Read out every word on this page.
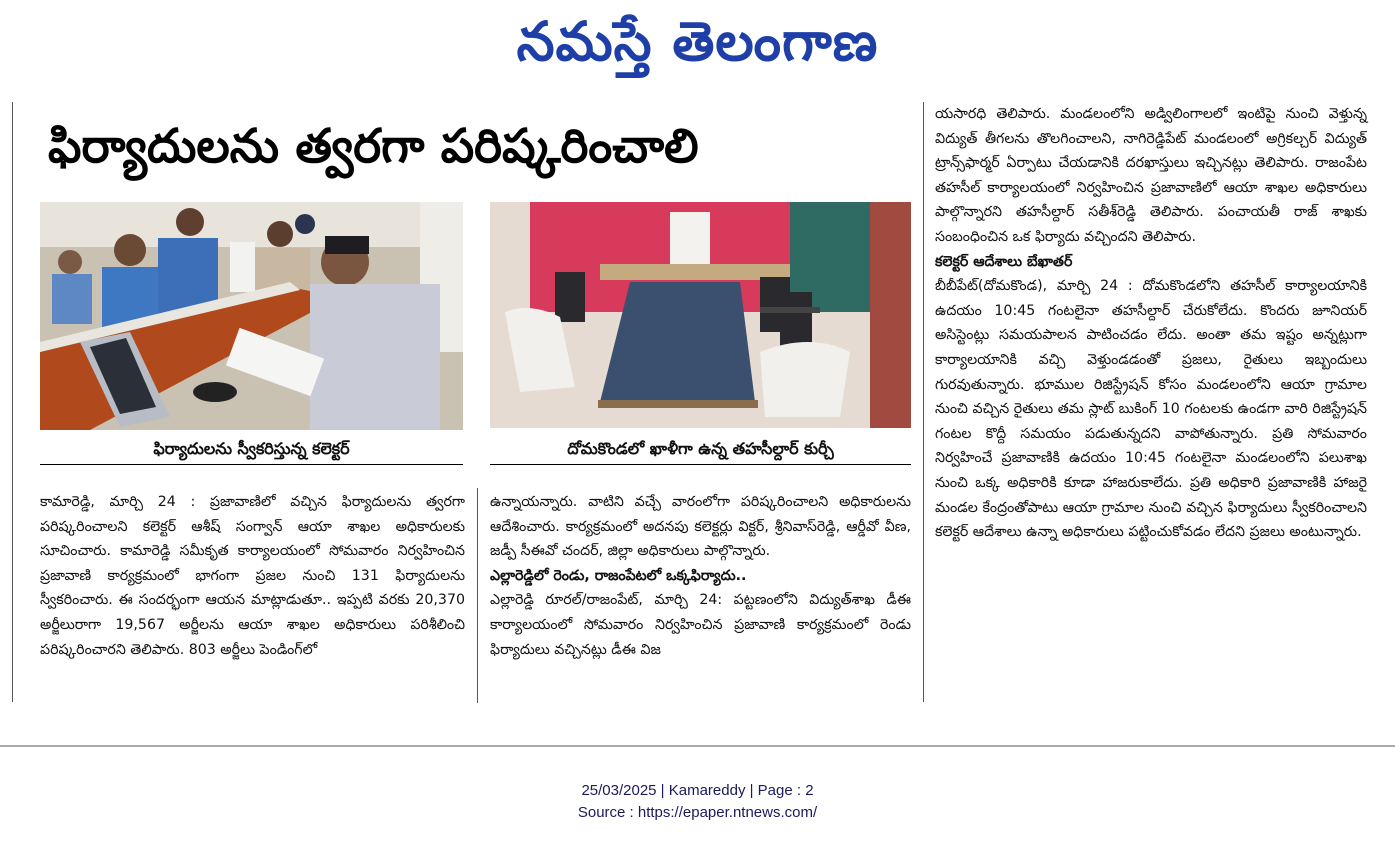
నమస్తే తెలంగాణ
ఫిర్యాదులను త్వరగా పరిష్కరించాలి
ఫిర్యాదులను స్వీకరిస్తున్న కలెక్టర్	దోమకొండలో ఖాళీగా ఉన్న తహసీల్దార్ కుర్చీ

కామారెడ్డి, మార్చి 24 : ప్రజావాణిలో వచ్చిన ఫిర్యాదులను త్వరగా పరిష్కరించాలని కలెక్టర్ ఆశీష్ సంగ్వాన్ ఆయా శాఖల అధికారులకు సూచించారు. కామారెడ్డి సమీకృత కార్యాలయంలో సోమవారం నిర్వహించిన ప్రజావాణి కార్యక్రమంలో భాగంగా ప్రజల నుంచి 131 ఫిర్యాదులను స్వీకరించారు. ఈ సందర్భంగా ఆయన మాట్లాడుతూ.. ఇప్పటి వరకు 20,370 అర్జీలురాగా 19,567 అర్జీలను ఆయా శాఖల అధికారులు పరిశీలించి పరిష్కరించారని తెలిపారు. 803 అర్జీలు పెండింగ్‌లో

ఉన్నాయన్నారు. వాటిని వచ్చే వారంలోగా పరిష్కరించాలని అధికారులను ఆదేశించారు. కార్యక్రమంలో అదనపు కలెక్టర్లు విక్టర్, శ్రీనివాస్‌రెడ్డి, ఆర్డీవో వీణ, జడ్పీ సీఈవో చందర్, జిల్లా అధికారులు పాల్గొన్నారు.

ఎల్లారెడ్డిలో రెండు, రాజంపేటలో ఒక్కఫిర్యాదు..

ఎల్లారెడ్డి రూరల్/రాజంపేట్, మార్చి 24: పట్టణంలోని విద్యుత్‌శాఖ డీఈ కార్యాలయంలో సోమవారం నిర్వహించిన ప్రజావాణి కార్యక్రమంలో రెండు ఫిర్యాదులు వచ్చినట్లు డీఈ విజ

యసారధి తెలిపారు. మండలంలోని అడ్విలింగాలలో ఇంటిపై నుంచి వెళ్తున్న విద్యుత్ తీగలను తొలగించాలని, నాగిరెడ్డిపేట్ మండలంలో అగ్రికల్చర్ విద్యుత్ ట్రాన్స్‌ఫార్మర్ ఏర్పాటు చేయడానికి దరఖాస్తులు ఇచ్చినట్లు తెలిపారు. రాజంపేట తహసీల్ కార్యాలయంలో నిర్వహించిన ప్రజావాణిలో ఆయా శాఖల అధికారులు పాల్గొన్నారని తహసీల్దార్ సతీశ్‌రెడ్డి తెలిపారు. పంచాయతీ రాజ్ శాఖకు సంబంధించిన ఒక ఫిర్యాదు వచ్చిందని తెలిపారు.

కలెక్టర్ ఆదేశాలు బేఖాతర్

బీబీపేట్(దోమకొండ), మార్చి 24 : దోమకొండలోని తహసీల్ కార్యాలయానికి ఉదయం 10:45 గంటలైనా తహసీల్దార్ చేరుకోలేదు. కొందరు జూనియర్ అసిస్టెంట్లు సమయపాలన పాటించడం లేదు. అంతా తమ ఇష్టం అన్నట్లుగా కార్యాలయానికి వచ్చి వెళ్తుండడంతో ప్రజలు, రైతులు ఇబ్బందులు గురవుతున్నారు. భూముల రిజిస్ట్రేషన్ కోసం మండలంలోని ఆయా గ్రామాల నుంచి వచ్చిన రైతులు తమ స్లాట్ బుకింగ్ 10 గంటలకు ఉండగా వారి రిజిస్ట్రేషన్ గంటల కొద్దీ సమయం పడుతున్నదని వాపోతున్నారు. ప్రతి సోమవారం నిర్వహించే ప్రజావాణికి ఉదయం 10:45 గంటలైనా మండలంలోని పలుశాఖ నుంచి ఒక్క అధికారికి కూడా హాజరుకాలేదు. ప్రతి అధికారి ప్రజావాణికి హాజరై మండల కేంద్రంతోపాటు ఆయా గ్రామాల నుంచి వచ్చిన ఫిర్యాదులు స్వీకరించాలని కలెక్టర్ ఆదేశాలు ఉన్నా అధికారులు పట్టించుకోవడం లేదని ప్రజలు అంటున్నారు.

25/03/2025 | Kamareddy | Page : 2
Source : https://epaper.ntnews.com/
